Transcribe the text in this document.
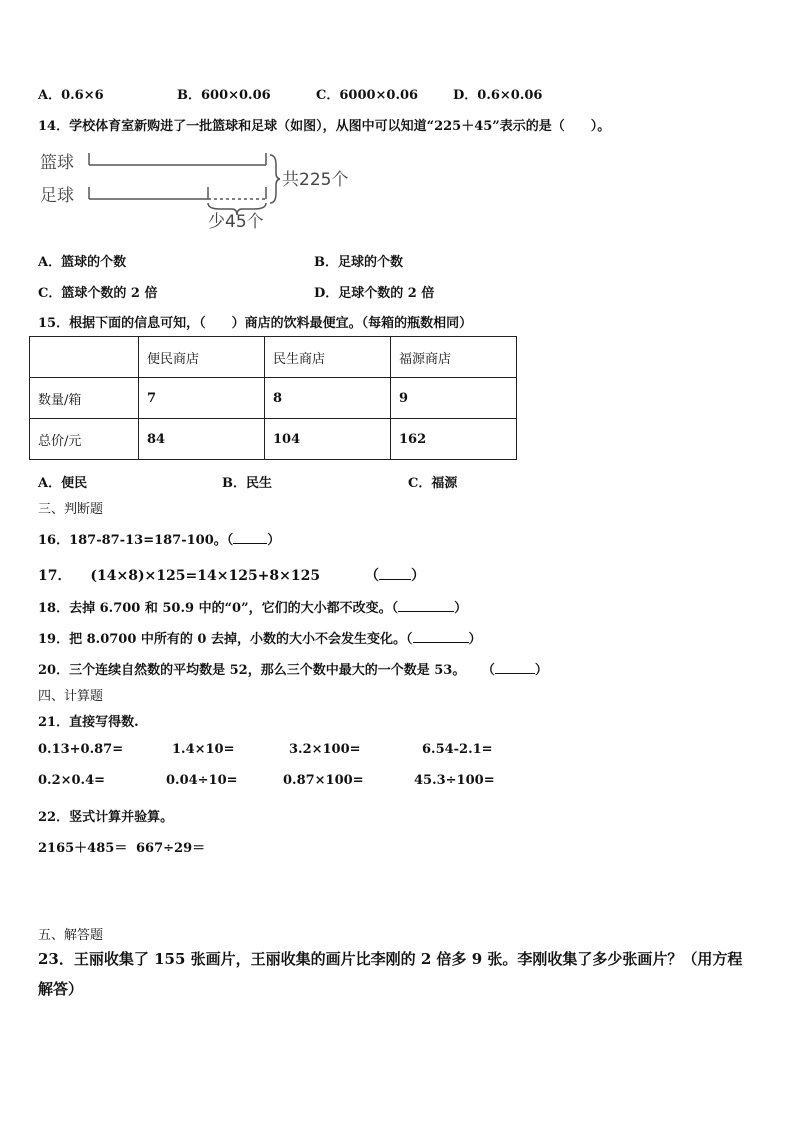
A．0.6×6	B．600×0.06	C．6000×0.06	D．0.6×0.06
14．学校体育室新购进了一批篮球和足球（如图），从图中可以知道“225＋45”表示的是（　　）。
篮球
足球
共225个
少45个
A．篮球的个数	B．足球的个数
C．篮球个数的 2 倍	D．足球个数的 2 倍
15．根据下面的信息可知，（　　）商店的饮料最便宜。（每箱的瓶数相同）
	便民商店	民生商店	福源商店
数量/箱	7	8	9
总价/元	84	104	162
A．便民	B．民生	C．福源
三、判断题
16．187-87-13=187-100。（	）
17． (14×8)×125=14×125+8×125	（ ）
18．去掉 6.700 和 50.9 中的“0”，它们的大小都不改变。（	）
19．把 8.0700 中所有的 0 去掉，小数的大小不会发生变化。（	）
20．三个连续自然数的平均数是 52，那么三个数中最大的一个数是 53。 （	）
四、计算题
21．直接写得数.
0.13+0.87=	1.4×10=	3.2×100=	6.54-2.1=
0.2×0.4=	0.04÷10=	0.87×100=	45.3÷100=
22．竖式计算并验算。
2165＋485＝ 667÷29＝
五、解答题
23．王丽收集了 155 张画片，王丽收集的画片比李刚的 2 倍多 9 张。李刚收集了多少张画片？（用方程
解答）
